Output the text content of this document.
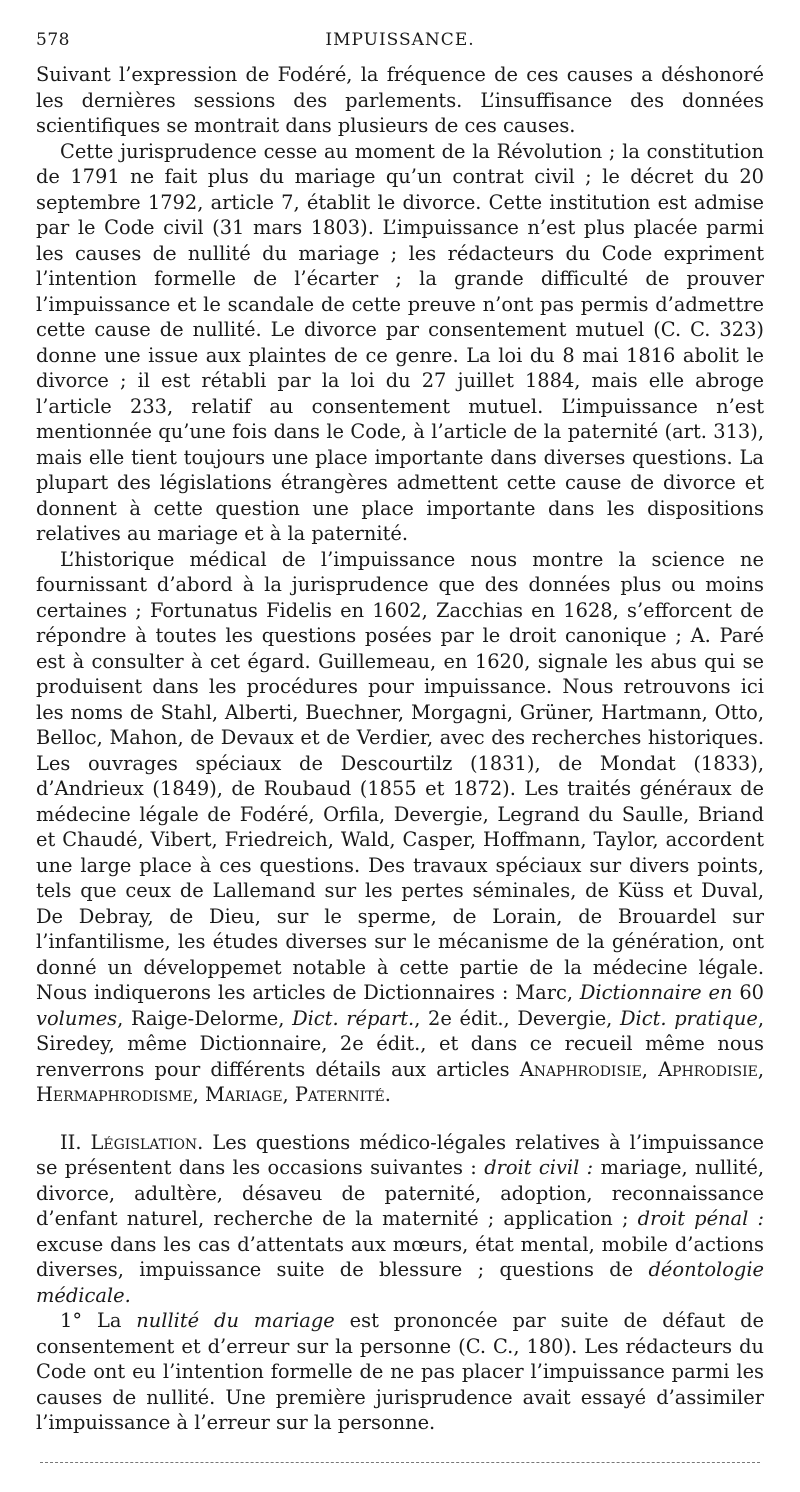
578	IMPUISSANCE.

Suivant l’expression de Fodéré, la fréquence de ces causes a déshonoré les dernières sessions des parlements. L’insuffisance des données scientifiques se montrait dans plusieurs de ces causes.

Cette jurisprudence cesse au moment de la Révolution ; la constitution de 1791 ne fait plus du mariage qu’un contrat civil ; le décret du 20 septembre 1792, article 7, établit le divorce. Cette institution est admise par le Code civil (31 mars 1803). L’impuissance n’est plus placée parmi les causes de nullité du mariage ; les rédacteurs du Code expriment l’intention formelle de l’écarter ; la grande difficulté de prouver l’impuissance et le scandale de cette preuve n’ont pas permis d’admettre cette cause de nullité. Le divorce par consentement mutuel (C. C. 323) donne une issue aux plaintes de ce genre. La loi du 8 mai 1816 abolit le divorce ; il est rétabli par la loi du 27 juillet 1884, mais elle abroge l’article 233, relatif au consentement mutuel. L’impuissance n’est mentionnée qu’une fois dans le Code, à l’article de la paternité (art. 313), mais elle tient toujours une place importante dans diverses questions. La plupart des législations étrangères admettent cette cause de divorce et donnent à cette question une place importante dans les dispositions relatives au mariage et à la paternité.

L’historique médical de l’impuissance nous montre la science ne fournissant d’abord à la jurisprudence que des données plus ou moins certaines ; Fortunatus Fidelis en 1602, Zacchias en 1628, s’efforcent de répondre à toutes les questions posées par le droit canonique ; A. Paré est à consulter à cet égard. Guillemeau, en 1620, signale les abus qui se produisent dans les procédures pour impuissance. Nous retrouvons ici les noms de Stahl, Alberti, Buechner, Morgagni, Grüner, Hartmann, Otto, Belloc, Mahon, de Devaux et de Verdier, avec des recherches historiques. Les ouvrages spéciaux de Descourtilz (1831), de Mondat (1833), d’Andrieux (1849), de Roubaud (1855 et 1872). Les traités généraux de médecine légale de Fodéré, Orfila, Devergie, Legrand du Saulle, Briand et Chaudé, Vibert, Friedreich, Wald, Casper, Hoffmann, Taylor, accordent une large place à ces questions. Des travaux spéciaux sur divers points, tels que ceux de Lallemand sur les pertes séminales, de Küss et Duval, De Debray, de Dieu, sur le sperme, de Lorain, de Brouardel sur l’infantilisme, les études diverses sur le mécanisme de la génération, ont donné un développemet notable à cette partie de la médecine légale. Nous indiquerons les articles de Dictionnaires : Marc, Dictionnaire en 60 volumes, Raige-Delorme, Dict. répart., 2e édit., Devergie, Dict. pratique, Siredey, même Dictionnaire, 2e édit., et dans ce recueil même nous renverrons pour différents détails aux articles Anaphrodisie, Aphrodisie, Hermaphrodisme, Mariage, Paternité.

II. Législation. Les questions médico-légales relatives à l’impuissance se présentent dans les occasions suivantes : droit civil : mariage, nullité, divorce, adultère, désaveu de paternité, adoption, reconnaissance d’enfant naturel, recherche de la maternité ; application ; droit pénal : excuse dans les cas d’attentats aux mœurs, état mental, mobile d’actions diverses, impuissance suite de blessure ; questions de déontologie médicale.

1° La nullité du mariage est prononcée par suite de défaut de consentement et d’erreur sur la personne (C. C., 180). Les rédacteurs du Code ont eu l’intention formelle de ne pas placer l’impuissance parmi les causes de nullité. Une première jurisprudence avait essayé d’assimiler l’impuissance à l’erreur sur la personne.
